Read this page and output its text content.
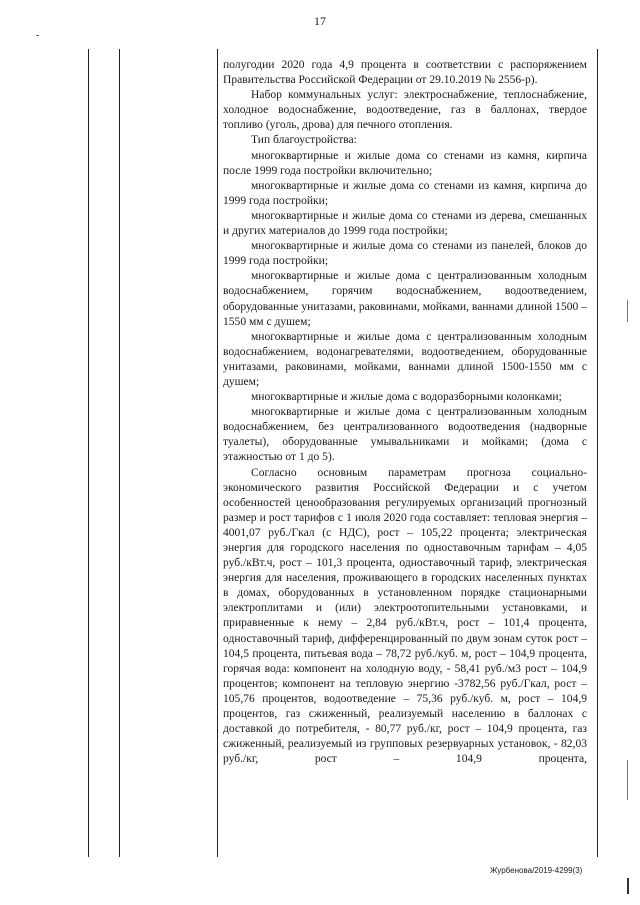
17
-

полугодии 2020 года 4,9 процента в соответствии с распоряжением Правительства Российской Федерации от 29.10.2019 № 2556-р).

Набор коммунальных услуг: электроснабжение, теплоснабжение, холодное водоснабжение, водоотведение, газ в баллонах, твердое топливо (уголь, дрова) для печного отопления.

Тип благоустройства:

многоквартирные и жилые дома со стенами из камня, кирпича после 1999 года постройки включительно;

многоквартирные и жилые дома со стенами из камня, кирпича до 1999 года постройки;

многоквартирные и жилые дома со стенами из дерева, смешанных и других материалов до 1999 года постройки;

многоквартирные и жилые дома со стенами из панелей, блоков до 1999 года постройки;

многоквартирные и жилые дома с централизованным холодным водоснабжением, горячим водоснабжением, водоотведением, оборудованные унитазами, раковинами, мойками, ваннами длиной 1500 –1550 мм с душем;

многоквартирные и жилые дома с централизованным холодным водоснабжением, водонагревателями, водоотведением, оборудованные унитазами, раковинами, мойками, ваннами длиной 1500-1550 мм с душем;

многоквартирные и жилые дома с водоразборными колонками;

многоквартирные и жилые дома с централизованным холодным водоснабжением, без централизованного водоотведения (надворные туалеты), оборудованные умывальниками и мойками; (дома с этажностью от 1 до 5).

Согласно основным параметрам прогноза социально-экономического развития Российской Федерации и с учетом особенностей ценообразования регулируемых организаций прогнозный размер и рост тарифов с 1 июля 2020 года составляет: тепловая энергия – 4001,07 руб./Гкал (с НДС), рост – 105,22 процента; электрическая энергия для городского населения по одноставочным тарифам – 4,05 руб./кВт.ч, рост – 101,3 процента, одноставочный тариф, электрическая энергия для населения, проживающего в городских населенных пунктах в домах, оборудованных в установленном порядке стационарными электроплитами и (или) электроотопительными установками, и приравненные к нему – 2,84 руб./кВт.ч, рост – 101,4 процента, одноставочный тариф, дифференцированный по двум зонам суток рост – 104,5 процента, питьевая вода – 78,72 руб./куб. м, рост – 104,9 процента, горячая вода: компонент на холодную воду, - 58,41 руб./м3 рост – 104,9 процентов; компонент на тепловую энергию -3782,56 руб./Гкал, рост – 105,76 процентов, водоотведение – 75,36 руб./куб. м, рост – 104,9 процентов, газ сжиженный, реализуемый населению в баллонах с доставкой до потребителя, - 80,77 руб./кг, рост – 104,9 процента, газ сжиженный, реализуемый из групповых резервуарных установок, - 82,03 руб./кг, рост – 104,9 процента,

Журбенова/2019-4299(3)
